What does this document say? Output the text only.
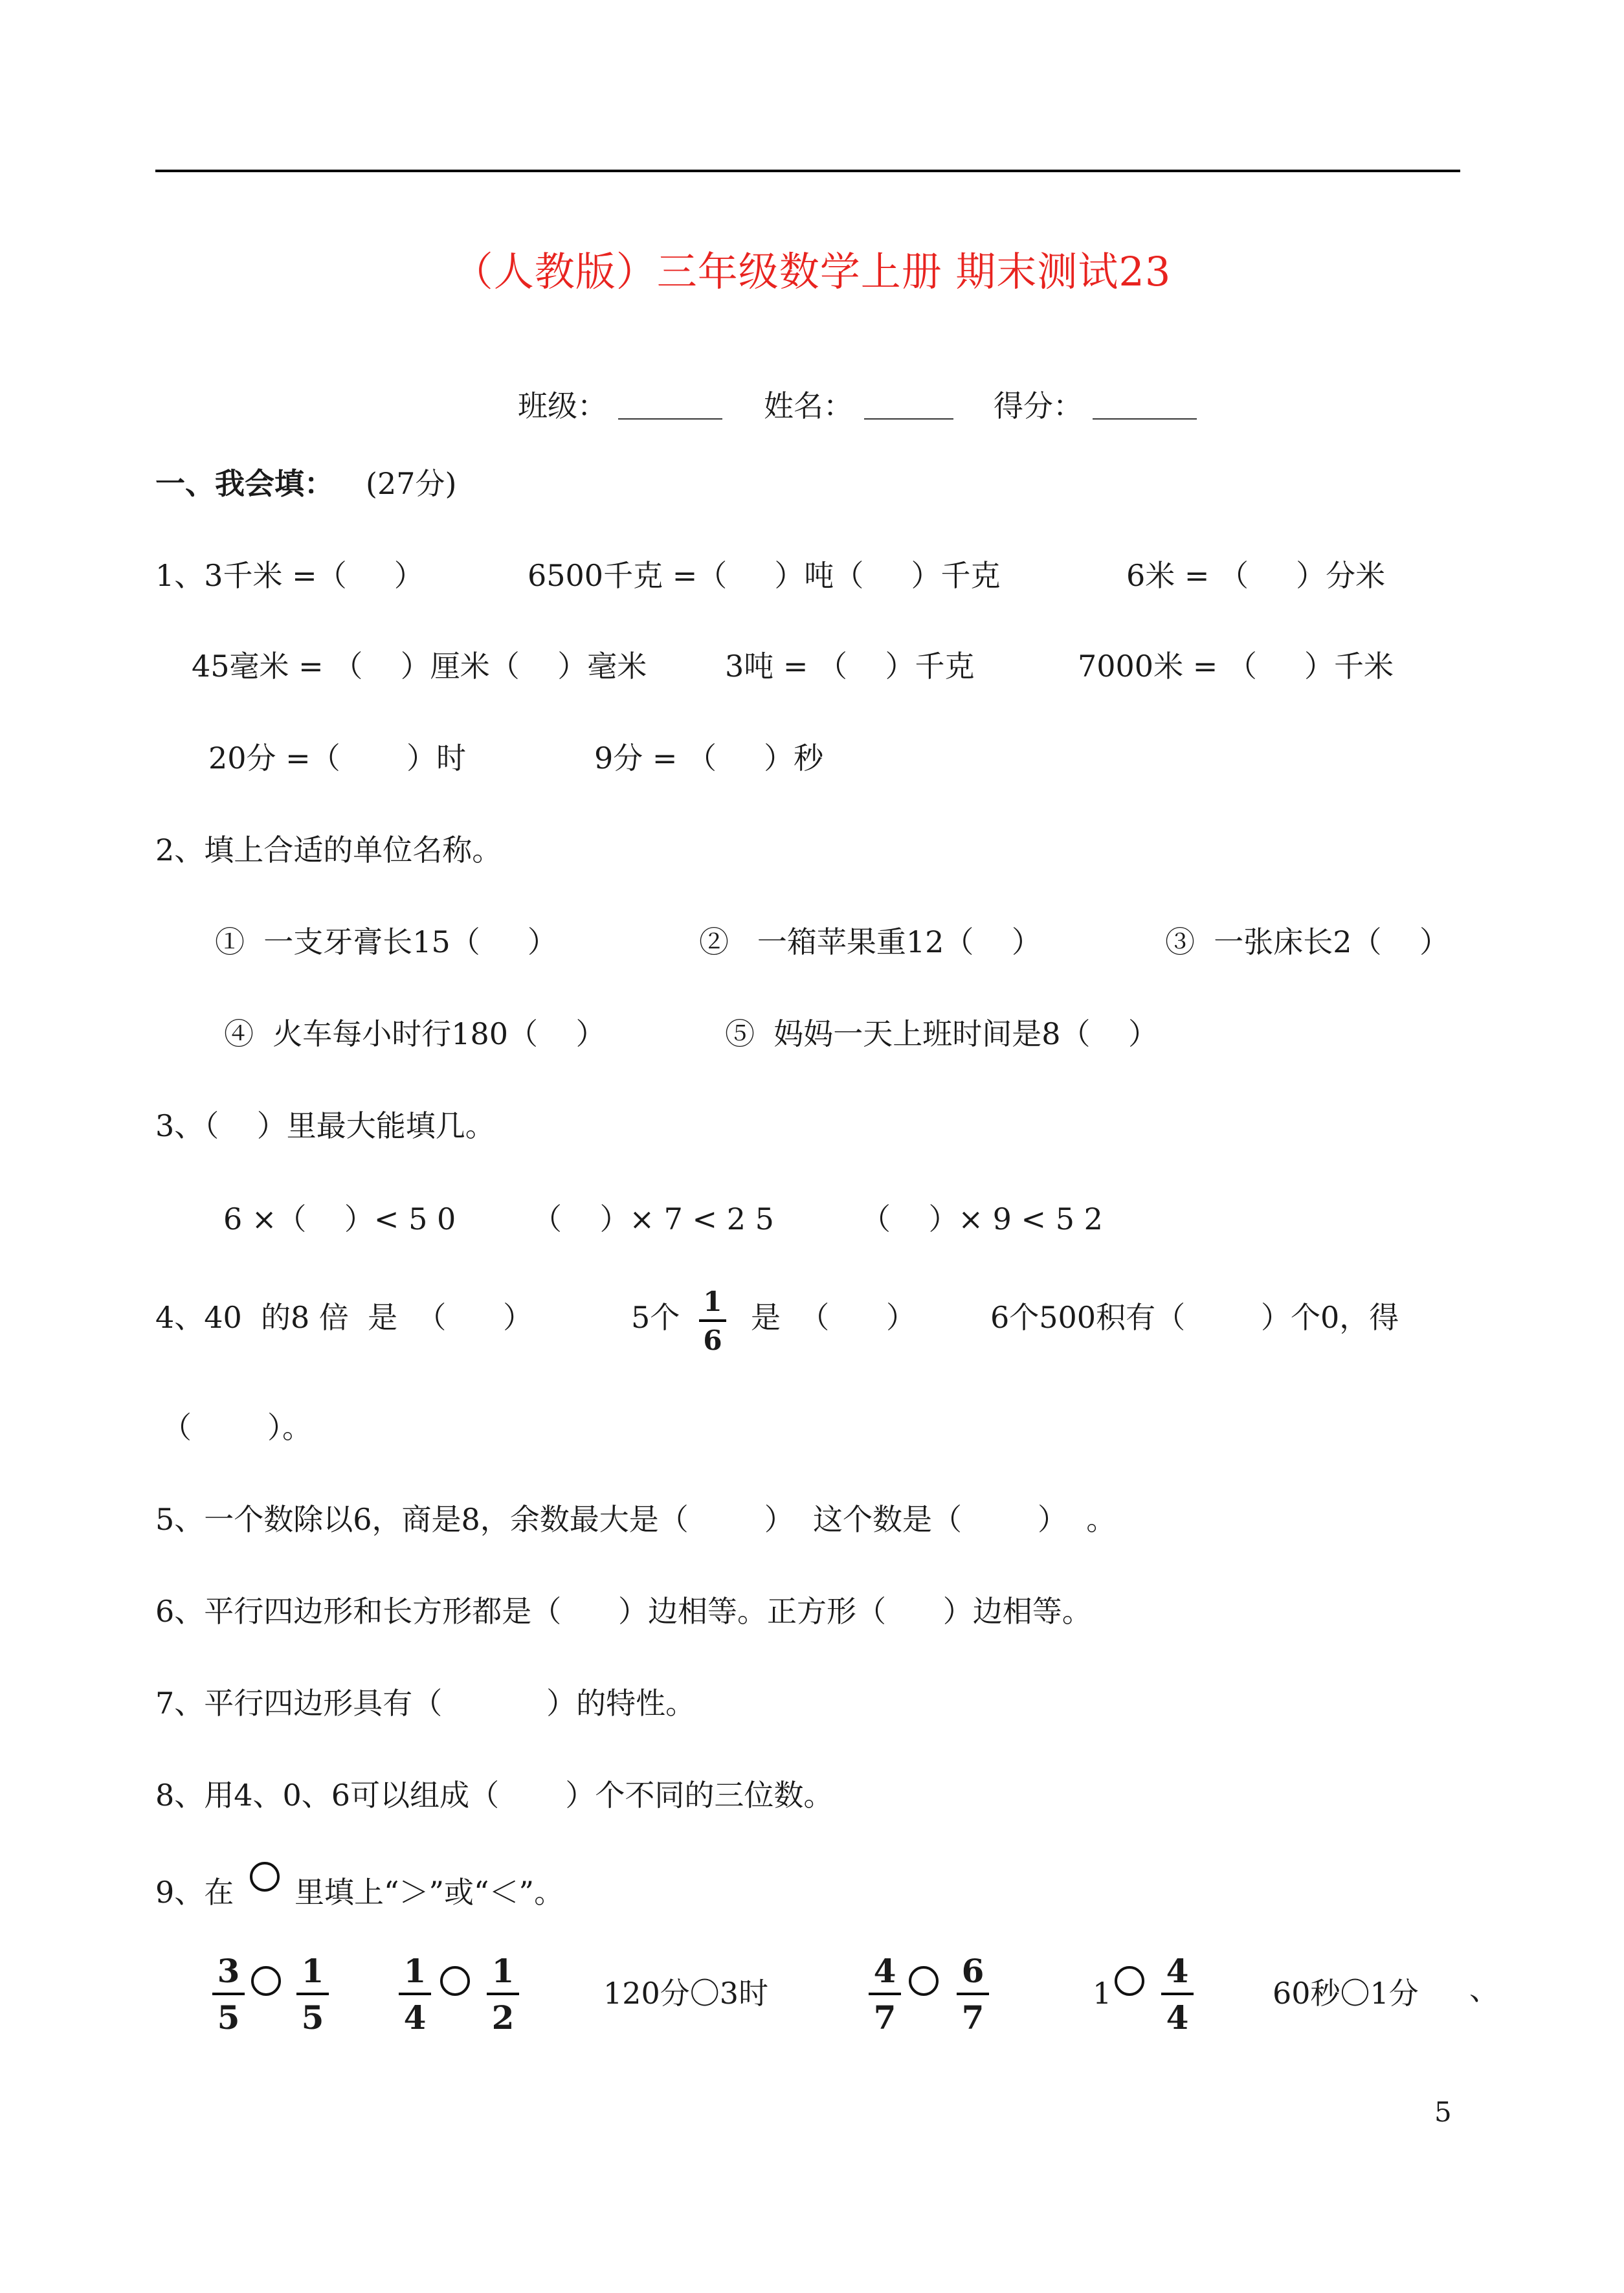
（人教版）三年级数学上册 期末测试23
班级： _______ 姓名： ______ 得分： _______
一、我会填： (27分)
1、3千米 =（     ）	6500千克 =（     ）吨（     ）千克	6米 = （     ）分米
45毫米 = （    ）厘米（    ）毫米	3吨 = （    ）千克	7000米 = （     ）千米
20分 =（       ）时	9分 = （     ）秒
2、填上合适的单位名称。
①  一支牙膏长15（     ）	②   一箱苹果重12（    ）	③  一张床长2（    ）
④  火车每小时行180（    ）	⑤  妈妈一天上班时间是8（    ）
3、（    ）里最大能填几。
6 ×（    ）< 5 0	（    ）× 7 < 2 5	（    ）× 9 < 5 2
4、40  的8 倍  是  （      ）	5个 1
6
是  （      ）	6个500积有（        ）个0，得
（        ）。
5、一个数除以6，商是8，余数最大是（        ）  这个数是（        ）  。
6、平行四边形和长方形都是（      ）边相等。正方形（      ）边相等。
7、平行四边形具有（           ）的特性。
8、用4、0、6可以组成（       ）个不同的三位数。
9、在 里填上“＞”或“＜”。
3
5
1
5
1
4
1
2
120分〇3时
4
7
6
7
1
4
4
60秒〇1分 、
5
